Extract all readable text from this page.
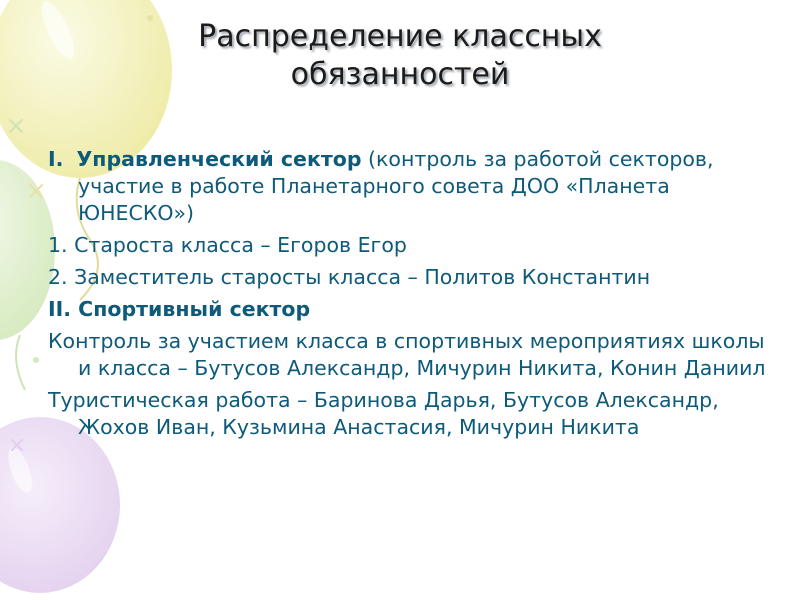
Распределение классных
обязанностей

I. Управленческий сектор (контроль за работой секторов, участие в работе Планетарного совета ДОО «Планета ЮНЕСКО»)

1. Староста класса – Егоров Егор

2. Заместитель старосты класса – Политов Константин

II. Спортивный сектор

Контроль за участием класса в спортивных мероприятиях школы и класса – Бутусов Александр, Мичурин Никита, Конин Даниил

Туристическая работа – Баринова Дарья, Бутусов Александр, Жохов Иван, Кузьмина Анастасия, Мичурин Никита
